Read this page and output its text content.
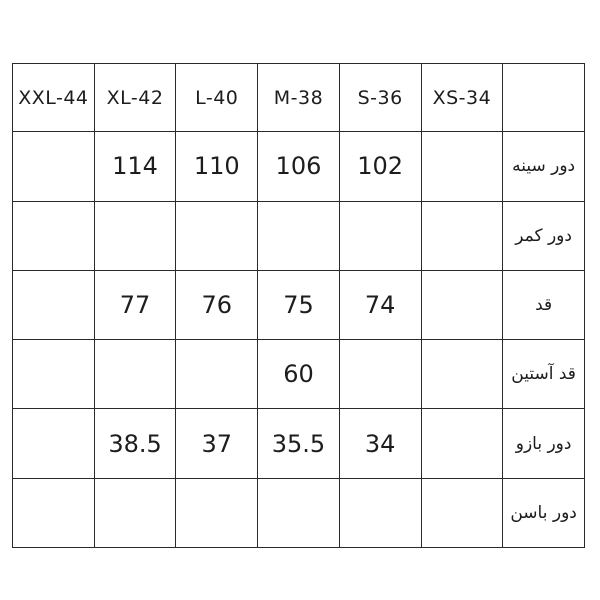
XXL-44	XL-42	L-40	M-38	S-36	XS-34	
	114	110	106	102		دور سینه
						دور کمر
	77	76	75	74		قد
			60			قد آستین
	38.5	37	35.5	34		دور بازو
						دور باسن
